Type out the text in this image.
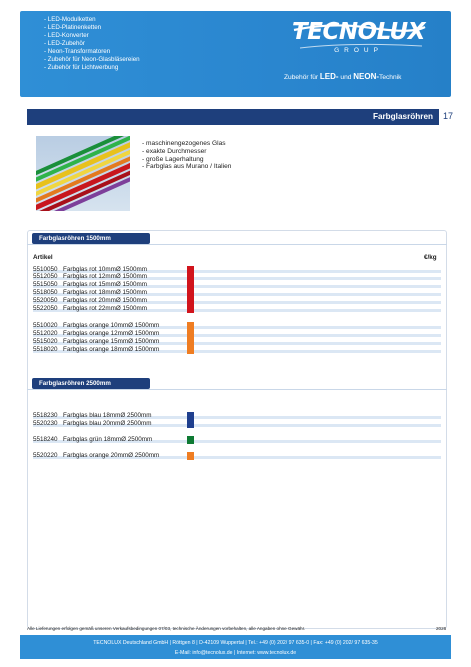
- LED-Modulketten
- LED-Platinenketten
- LED-Konverter
- LED-Zubehör
- Neon-Transformatoren
- Zubehör für Neon-Glasbläsereien
- Zubehör für Lichtwerbung
TECNOLUX
GROUP
Zubehör für LED- und NEON-Technik
Farbglasröhren 17
- maschinengezogenes Glas
- exakte Durchmesser
- große Lagerhaltung
- Farbglas aus Murano / Italien
Farbglasröhren 1500mm
Artikel	€/kg
5510050 Farbglas rot 10mmØ 1500mm
5512050 Farbglas rot 12mmØ 1500mm
5515050 Farbglas rot 15mmØ 1500mm
5518050 Farbglas rot 18mmØ 1500mm
5520050 Farbglas rot 20mmØ 1500mm
5522050 Farbglas rot 22mmØ 1500mm
5510020 Farbglas orange 10mmØ 1500mm
5512020 Farbglas orange 12mmØ 1500mm
5515020 Farbglas orange 15mmØ 1500mm
5518020 Farbglas orange 18mmØ 1500mm
Farbglasröhren 2500mm
5518230 Farbglas blau 18mmØ 2500mm
5520230 Farbglas blau 20mmØ 2500mm
5518240 Farbglas grün 18mmØ 2500mm
5520220 Farbglas orange 20mmØ 2500mm
Alle Lieferungen erfolgen gemäß unseren Verkaufsbedingungen 07/03, technische Änderungen vorbehalten, alle Angaben ohne Gewähr.	2026
TECNOLUX Deutschland GmbH | Röttgen 8 | D-42109 Wuppertal | Tel.: +49 (0) 202/ 97 635-0 | Fax: +49 (0) 202/ 97 635-35
E-Mail: info@tecnolux.de | Internet: www.tecnolux.de
